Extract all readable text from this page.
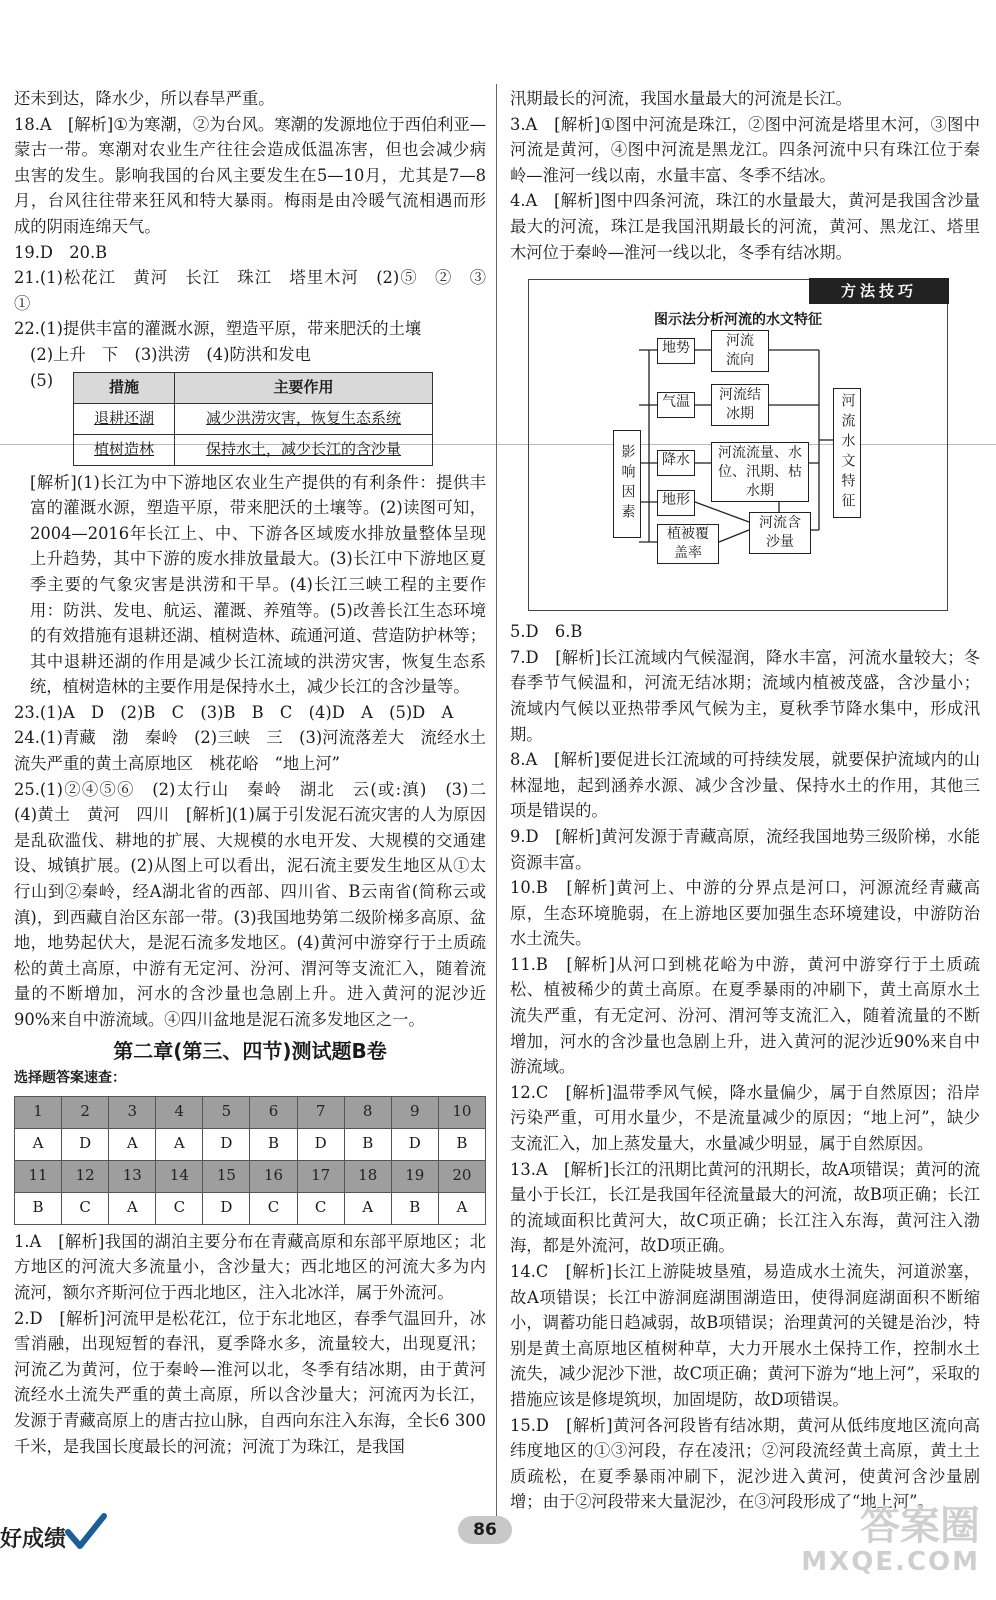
还未到达，降水少，所以春旱严重。

18.A　[解析]①为寒潮，②为台风。寒潮的发源地位于西伯利亚—蒙古一带。寒潮对农业生产往往会造成低温冻害，但也会减少病虫害的发生。影响我国的台风主要发生在5—10月，尤其是7—8月，台风往往带来狂风和特大暴雨。梅雨是由冷暖气流相遇而形成的阴雨连绵天气。

19.D　20.B

21.(1)松花江　黄河　长江　珠江　塔里木河　(2)⑤　②　③　①

22.(1)提供丰富的灌溉水源，塑造平原，带来肥沃的土壤

(2)上升　下　(3)洪涝　(4)防洪和发电

(5)	措施	主要作用
退耕还湖	减少洪涝灾害，恢复生态系统
植树造林	保持水土，减少长江的含沙量

[解析](1)长江为中下游地区农业生产提供的有利条件：提供丰富的灌溉水源，塑造平原，带来肥沃的土壤等。(2)读图可知，2004—2016年长江上、中、下游各区域废水排放量整体呈现上升趋势，其中下游的废水排放量最大。(3)长江中下游地区夏季主要的气象灾害是洪涝和干旱。(4)长江三峡工程的主要作用：防洪、发电、航运、灌溉、养殖等。(5)改善长江生态环境的有效措施有退耕还湖、植树造林、疏通河道、营造防护林等；其中退耕还湖的作用是减少长江流域的洪涝灾害，恢复生态系统，植树造林的主要作用是保持水土，减少长江的含沙量等。

23.(1)A　D　(2)B　C　(3)B　B　C　(4)D　A　(5)D　A

24.(1)青藏　渤　秦岭　(2)三峡　三　(3)河流落差大　流经水土流失严重的黄土高原地区　桃花峪　“地上河”

25.(1)②④⑤⑥　(2)太行山　秦岭　湖北　云(或:滇)　(3)二　(4)黄土　黄河　四川　[解析](1)属于引发泥石流灾害的人为原因是乱砍滥伐、耕地的扩展、大规模的水电开发、大规模的交通建设、城镇扩展。(2)从图上可以看出，泥石流主要发生地区从①太行山到②秦岭，经A湖北省的西部、四川省、B云南省(简称云或滇)，到西藏自治区东部一带。(3)我国地势第二级阶梯多高原、盆地，地势起伏大，是泥石流多发地区。(4)黄河中游穿行于土质疏松的黄土高原，中游有无定河、汾河、渭河等支流汇入，随着流量的不断增加，河水的含沙量也急剧上升。进入黄河的泥沙近90%来自中游流域。④四川盆地是泥石流多发地区之一。

第二章(第三、四节)测试题B卷
选择题答案速查：
1	2	3	4	5	6	7	8	9	10
A	D	A	A	D	B	D	B	D	B
11	12	13	14	15	16	17	18	19	20
B	C	A	C	D	C	C	A	B	A

1.A　[解析]我国的湖泊主要分布在青藏高原和东部平原地区；北方地区的河流大多流量小，含沙量大；西北地区的河流大多为内流河，额尔齐斯河位于西北地区，注入北冰洋，属于外流河。

2.D　[解析]河流甲是松花江，位于东北地区，春季气温回升，冰雪消融，出现短暂的春汛，夏季降水多，流量较大，出现夏汛；河流乙为黄河，位于秦岭—淮河以北，冬季有结冰期，由于黄河流经水土流失严重的黄土高原，所以含沙量大；河流丙为长江，发源于青藏高原上的唐古拉山脉，自西向东注入东海，全长6 300千米，是我国长度最长的河流；河流丁为珠江，是我国

汛期最长的河流，我国水量最大的河流是长江。

3.A　[解析]①图中河流是珠江，②图中河流是塔里木河，③图中河流是黄河，④图中河流是黑龙江。四条河流中只有珠江位于秦岭—淮河一线以南，水量丰富、冬季不结冰。

4.A　[解析]图中四条河流，珠江的水量最大，黄河是我国含沙量最大的河流，珠江是我国汛期最长的河流，黄河、黑龙江、塔里木河位于秦岭—淮河一线以北，冬季有结冰期。

方法技巧
图示法分析河流的水文特征
影响因素
地势
气温
降水
地形
植被覆盖率
河流流向
河流结冰期
河流流量、水位、汛期、枯水期
河流含沙量
河流水文特征

5.D　6.B

7.D　[解析]长江流域内气候湿润，降水丰富，河流水量较大；冬春季节气候温和，河流无结冰期；流域内植被茂盛，含沙量小；流域内气候以亚热带季风气候为主，夏秋季节降水集中，形成汛期。

8.A　[解析]要促进长江流域的可持续发展，就要保护流域内的山林湿地，起到涵养水源、减少含沙量、保持水土的作用，其他三项是错误的。

9.D　[解析]黄河发源于青藏高原，流经我国地势三级阶梯，水能资源丰富。

10.B　[解析]黄河上、中游的分界点是河口，河源流经青藏高原，生态环境脆弱，在上游地区要加强生态环境建设，中游防治水土流失。

11.B　[解析]从河口到桃花峪为中游，黄河中游穿行于土质疏松、植被稀少的黄土高原。在夏季暴雨的冲刷下，黄土高原水土流失严重，有无定河、汾河、渭河等支流汇入，随着流量的不断增加，河水的含沙量也急剧上升，进入黄河的泥沙近90%来自中游流域。

12.C　[解析]温带季风气候，降水量偏少，属于自然原因；沿岸污染严重，可用水量少，不是流量减少的原因；“地上河”，缺少支流汇入，加上蒸发量大，水量减少明显，属于自然原因。

13.A　[解析]长江的汛期比黄河的汛期长，故A项错误；黄河的流量小于长江，长江是我国年径流量最大的河流，故B项正确；长江的流域面积比黄河大，故C项正确；长江注入东海，黄河注入渤海，都是外流河，故D项正确。

14.C　[解析]长江上游陡坡垦殖，易造成水土流失，河道淤塞，故A项错误；长江中游洞庭湖围湖造田，使得洞庭湖面积不断缩小，调蓄功能日趋减弱，故B项错误；治理黄河的关键是治沙，特别是黄土高原地区植树种草，大力开展水土保持工作，控制水土流失，减少泥沙下泄，故C项正确；黄河下游为“地上河”，采取的措施应该是修堤筑坝，加固堤防，故D项错误。

15.D　[解析]黄河各河段皆有结冰期，黄河从低纬度地区流向高纬度地区的①③河段，存在凌汛；②河段流经黄土高原，黄土土质疏松，在夏季暴雨冲刷下，泥沙进入黄河，使黄河含沙量剧增；由于②河段带来大量泥沙，在③河段形成了“地上河”。

好成绩	86	答案圈
MXQE.COM
